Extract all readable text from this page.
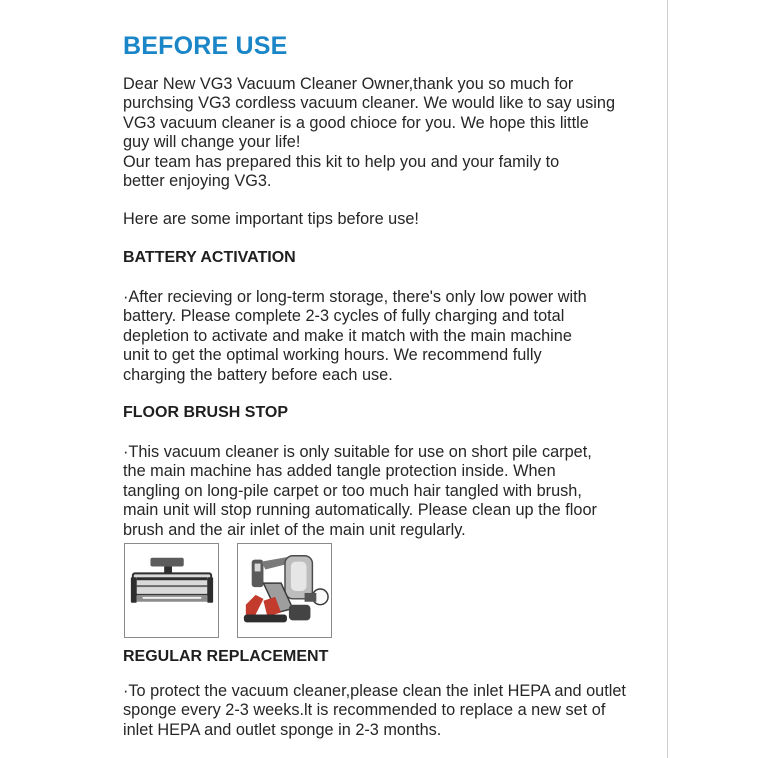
BEFORE USE

Dear New VG3 Vacuum Cleaner Owner,thank you so much for
purchsing VG3 cordless vacuum cleaner. We would like to say using
VG3 vacuum cleaner is a good chioce for you. We hope this little
guy will change your life!
Our team has prepared this kit to help you and your family to
better enjoying VG3.

Here are some important tips before use!

BATTERY ACTIVATION

·After recieving or long-term storage, there's only low power with
battery. Please complete 2-3 cycles of fully charging and total
depletion to activate and make it match with the main machine
unit to get the optimal working hours. We recommend fully
charging the battery before each use.

FLOOR BRUSH STOP

·This vacuum cleaner is only suitable for use on short pile carpet,
the main machine has added tangle protection inside. When
tangling on long-pile carpet or too much hair tangled with brush,
main unit will stop running automatically. Please clean up the floor
brush and the air inlet of the main unit regularly.

REGULAR REPLACEMENT

·To protect the vacuum cleaner,please clean the inlet HEPA and outlet
sponge every 2-3 weeks.lt is recommended to replace a new set of
inlet HEPA and outlet sponge in 2-3 months.
